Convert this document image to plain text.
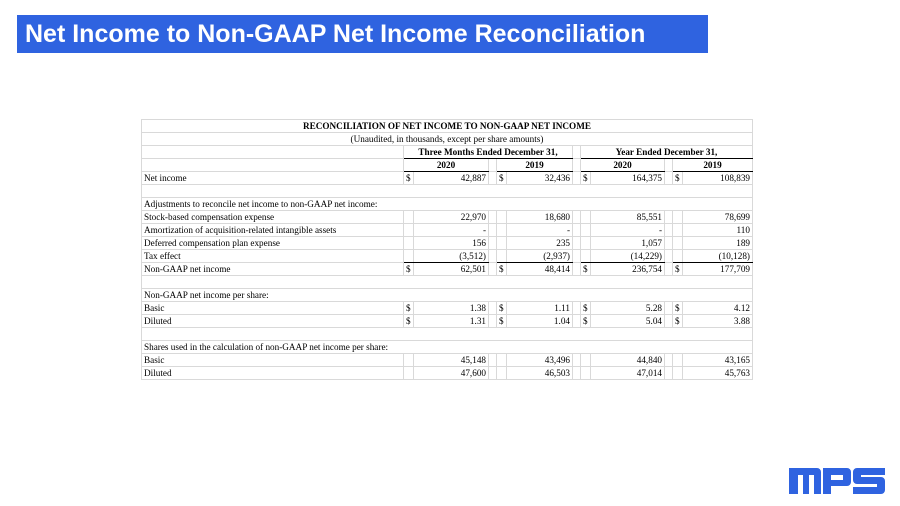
Net Income to Non-GAAP Net Income Reconciliation
RECONCILIATION OF NET INCOME TO NON-GAAP NET INCOME											
(Unaudited, in thousands, except per share amounts)											
	Three Months Ended December 31,						Year Ended December 31,				
	2020			2019			2020			2019	
Net income	$	42,887		$	32,436		$	164,375		$	108,839

Adjustments to reconcile net income to non-GAAP net income:											
Stock-based compensation expense		22,970			18,680			85,551			78,699
Amortization of acquisition-related intangible assets		-			-			-			110
Deferred compensation plan expense		156			235			1,057			189
Tax effect		(3,512)			(2,937)			(14,229)			(10,128)
Non-GAAP net income	$	62,501		$	48,414		$	236,754		$	177,709

Non-GAAP net income per share:											
Basic	$	1.38		$	1.11		$	5.28		$	4.12
Diluted	$	1.31		$	1.04		$	5.04		$	3.88

Shares used in the calculation of non-GAAP net income per share:											
Basic		45,148			43,496			44,840			43,165
Diluted		47,600			46,503			47,014			45,763
